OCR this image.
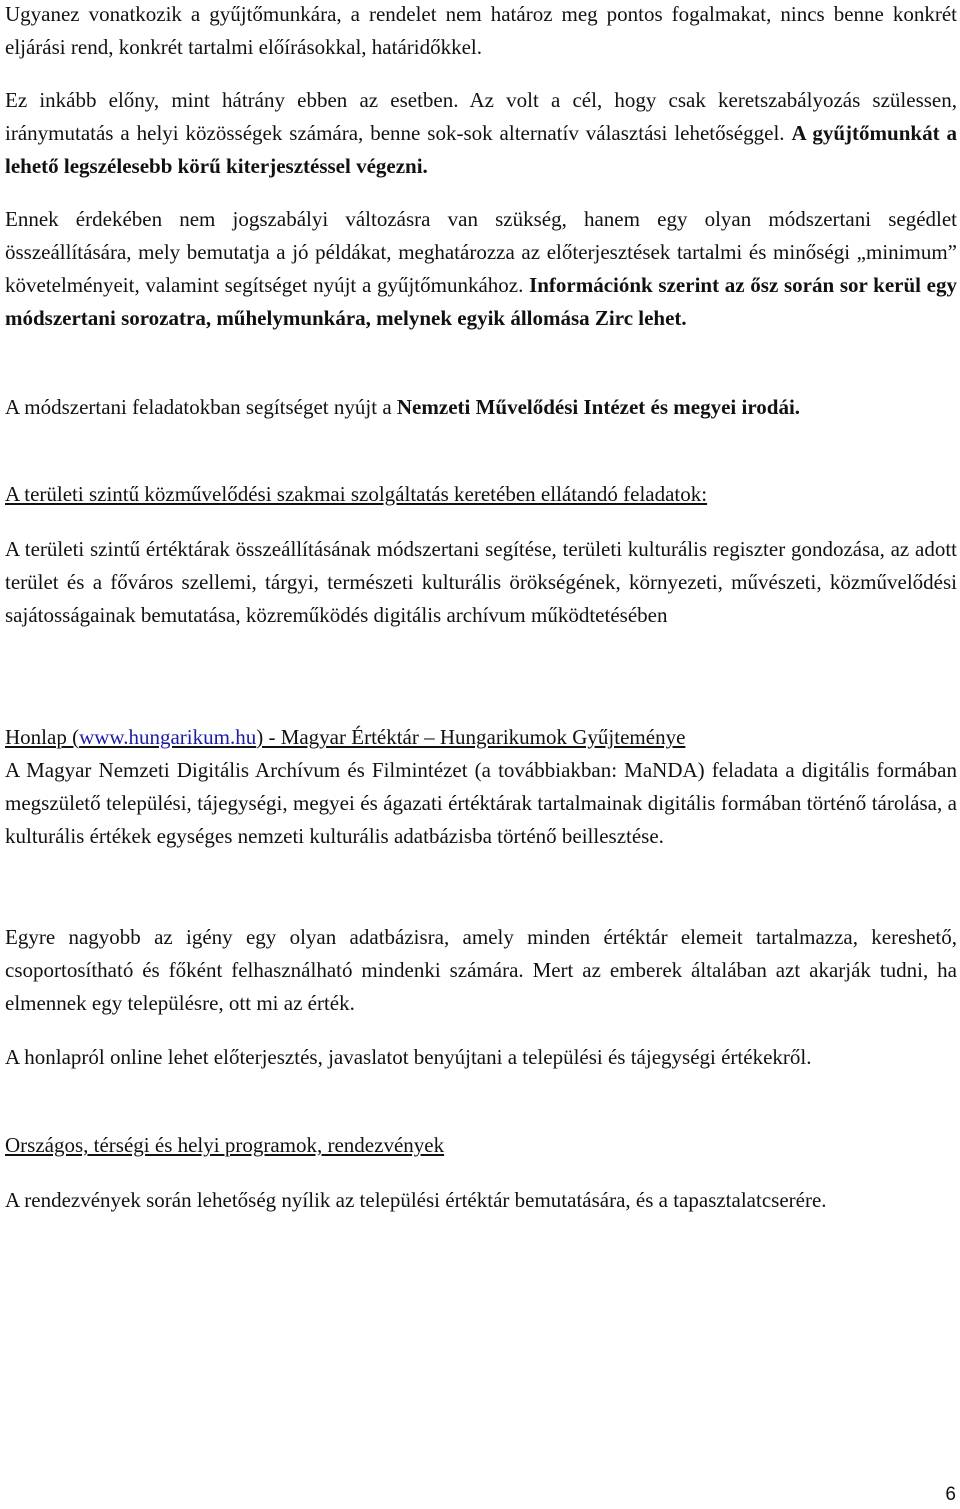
Ugyanez vonatkozik a gyűjtőmunkára, a rendelet nem határoz meg pontos fogalmakat, nincs benne konkrét eljárási rend, konkrét tartalmi előírásokkal, határidőkkel.

Ez inkább előny, mint hátrány ebben az esetben. Az volt a cél, hogy csak keretszabályozás szülessen, iránymutatás a helyi közösségek számára, benne sok-sok alternatív választási lehetőséggel. A gyűjtőmunkát a lehető legszélesebb körű kiterjesztéssel végezni.

Ennek érdekében nem jogszabályi változásra van szükség, hanem egy olyan módszertani segédlet összeállítására, mely bemutatja a jó példákat, meghatározza az előterjesztések tartalmi és minőségi „minimum” követelményeit, valamint segítséget nyújt a gyűjtőmunkához. Információnk szerint az ősz során sor kerül egy módszertani sorozatra, műhelymunkára, melynek egyik állomása Zirc lehet.

A módszertani feladatokban segítséget nyújt a Nemzeti Művelődési Intézet és megyei irodái.

A területi szintű közművelődési szakmai szolgáltatás keretében ellátandó feladatok:

A területi szintű értéktárak összeállításának módszertani segítése, területi kulturális regiszter gondozása, az adott terület és a főváros szellemi, tárgyi, természeti kulturális örökségének, környezeti, művészeti, közművelődési sajátosságainak bemutatása, közreműködés digitális archívum működtetésében

Honlap (www.hungarikum.hu) - Magyar Értéktár – Hungarikumok Gyűjteménye

A Magyar Nemzeti Digitális Archívum és Filmintézet (a továbbiakban: MaNDA) feladata a digitális formában megszülető települési, tájegységi, megyei és ágazati értéktárak tartalmainak digitális formában történő tárolása, a kulturális értékek egységes nemzeti kulturális adatbázisba történő beillesztése.

Egyre nagyobb az igény egy olyan adatbázisra, amely minden értéktár elemeit tartalmazza, kereshető, csoportosítható és főként felhasználható mindenki számára. Mert az emberek általában azt akarják tudni, ha elmennek egy településre, ott mi az érték.

A honlapról online lehet előterjesztés, javaslatot benyújtani a települési és tájegységi értékekről.

Országos, térségi és helyi programok, rendezvények

A rendezvények során lehetőség nyílik az települési értéktár bemutatására, és a tapasztalatcserére.

6
